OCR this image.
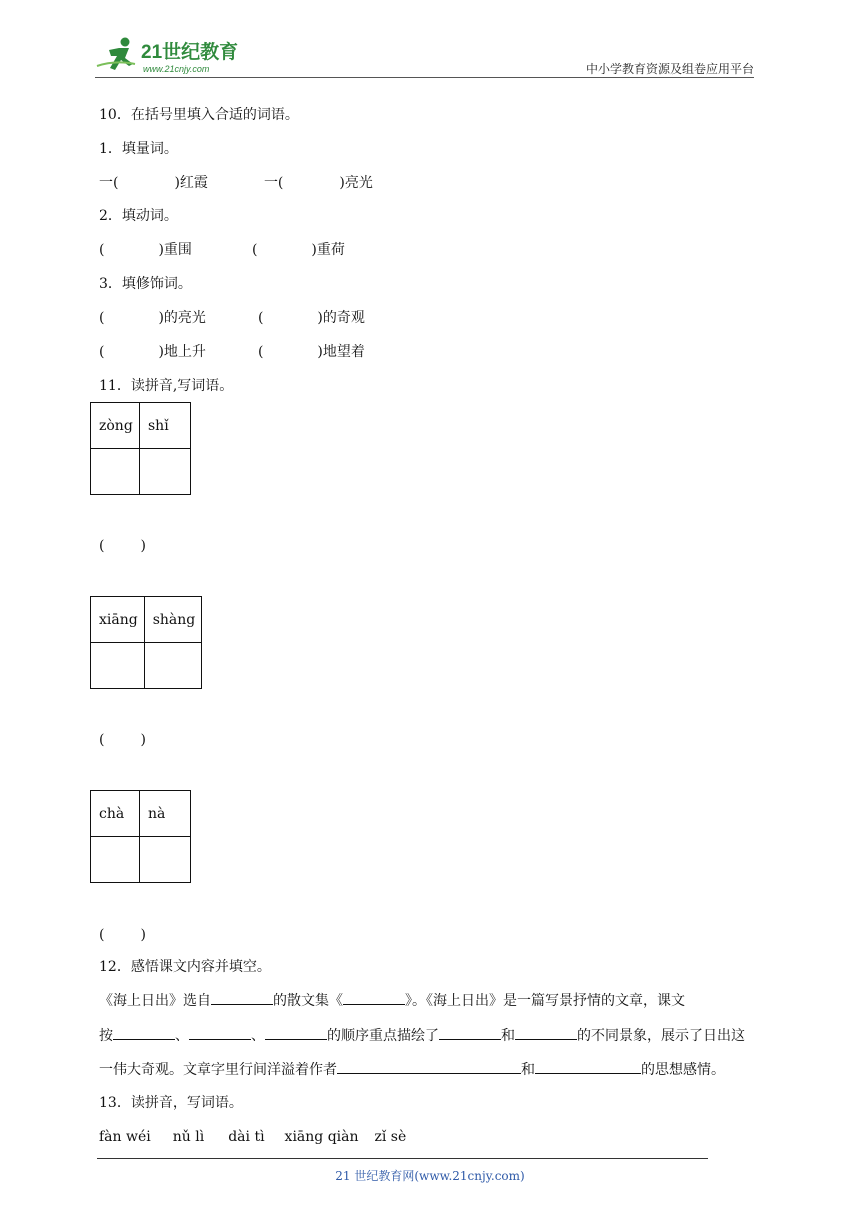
21世纪教育
www.21cnjy.com	中小学教育资源及组卷应用平台
10．在括号里填入合适的词语。
1．填量词。
一(	)红霞	一(	)亮光
2．填动词。
(	)重围	(	)重荷
3．填修饰词。
(	)的亮光	(	)的奇观
(	)地上升	(	)地望着
11．读拼音,写词语。
zòng	shǐ

(	)
xiāng	shàng

(	)
chà	nà

(	)
12．感悟课文内容并填空。
《海上日出》选自	的散文集《	》。《海上日出》是一篇写景抒情的文章，课文
按	、	、	的顺序重点描绘了	和	的不同景象，展示了日出这
一伟大奇观。文章字里行间洋溢着作者	和	的思想感情。
13．读拼音，写词语。
fàn wéi nǔ lì dài tì xiāng qiàn zǐ sè
21 世纪教育网(www.21cnjy.com)
